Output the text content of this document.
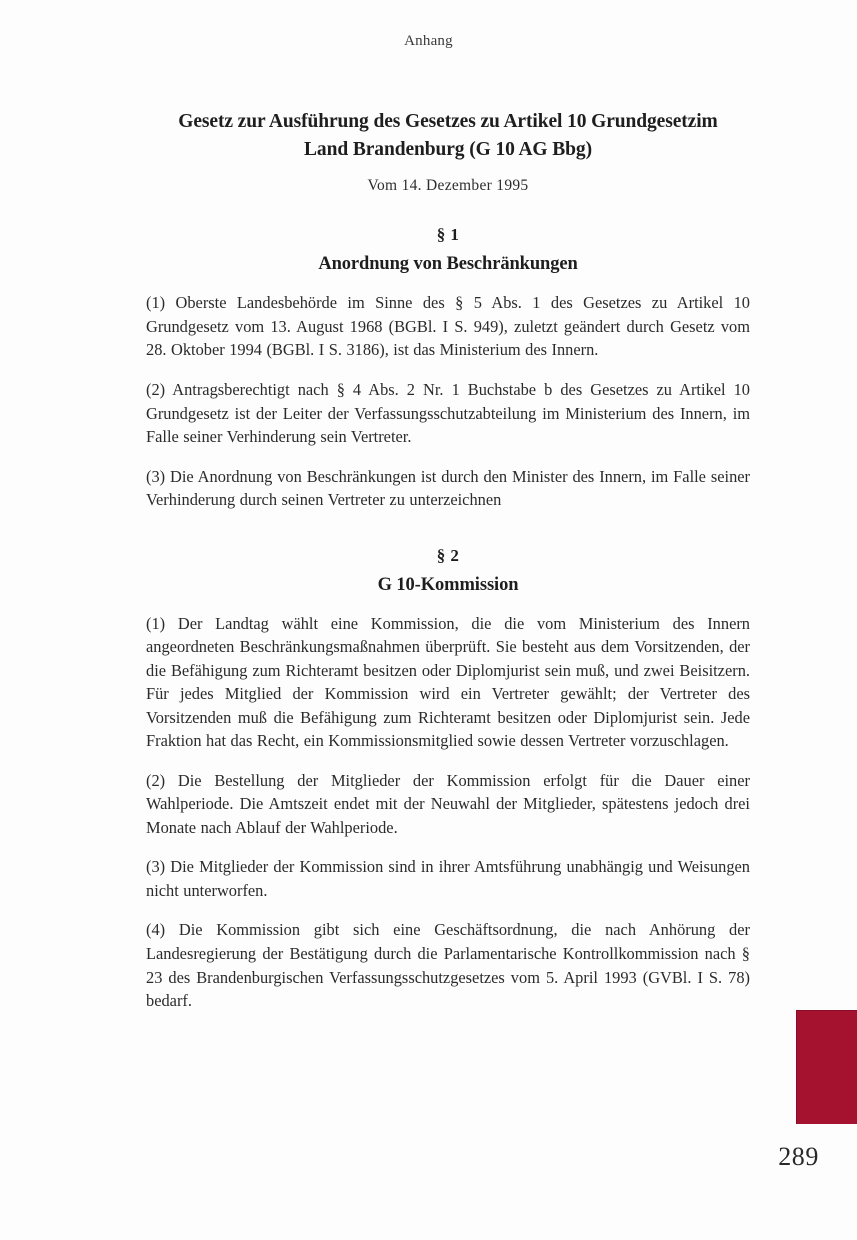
Anhang
Gesetz zur Ausführung des Gesetzes zu Artikel 10 Grundgesetzim
Land Brandenburg (G 10 AG Bbg)

Vom 14. Dezember 1995

§ 1

Anordnung von Beschränkungen

(1) Oberste Landesbehörde im Sinne des § 5 Abs. 1 des Gesetzes zu Artikel 10 Grundgesetz vom 13. August 1968 (BGBl. I S. 949), zuletzt geändert durch Gesetz vom 28. Oktober 1994 (BGBl. I S. 3186), ist das Ministerium des Innern.

(2) Antragsberechtigt nach § 4 Abs. 2 Nr. 1 Buchstabe b des Gesetzes zu Artikel 10 Grundgesetz ist der Leiter der Verfassungsschutzabteilung im Ministerium des Innern, im Falle seiner Verhinderung sein Vertreter.

(3) Die Anordnung von Beschränkungen ist durch den Minister des Innern, im Falle seiner Verhinderung durch seinen Vertreter zu unterzeichnen

§ 2

G 10-Kommission

(1) Der Landtag wählt eine Kommission, die die vom Ministerium des Innern angeordneten Beschränkungsmaßnahmen überprüft. Sie besteht aus dem Vorsitzenden, der die Befähigung zum Richteramt besitzen oder Diplomjurist sein muß, und zwei Beisitzern. Für jedes Mitglied der Kommission wird ein Vertreter gewählt; der Vertreter des Vorsitzenden muß die Befähigung zum Richteramt besitzen oder Diplomjurist sein. Jede Fraktion hat das Recht, ein Kommissionsmitglied sowie dessen Vertreter vorzuschlagen.

(2) Die Bestellung der Mitglieder der Kommission erfolgt für die Dauer einer Wahlperiode. Die Amtszeit endet mit der Neuwahl der Mitglieder, spätestens jedoch drei Monate nach Ablauf der Wahlperiode.

(3) Die Mitglieder der Kommission sind in ihrer Amtsführung unabhängig und Weisungen nicht unterworfen.

(4) Die Kommission gibt sich eine Geschäftsordnung, die nach Anhörung der Landesregierung der Bestätigung durch die Parlamentarische Kontrollkommission nach § 23 des Brandenburgischen Verfassungsschutzgesetzes vom 5. April 1993 (GVBl. I S. 78) bedarf.

289
